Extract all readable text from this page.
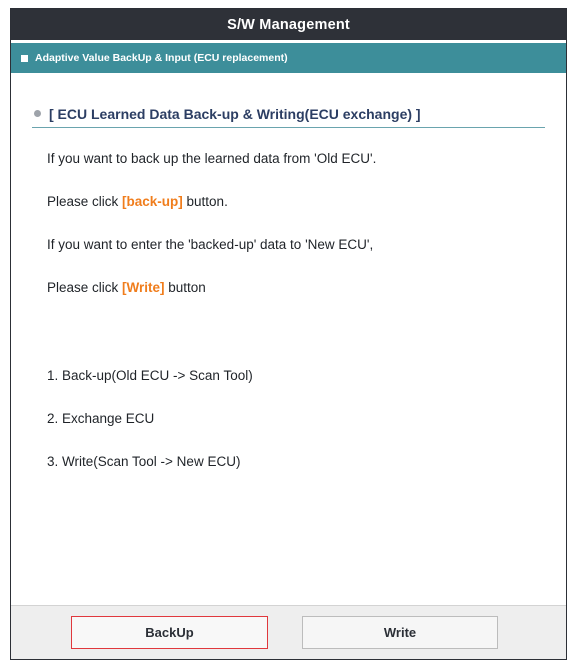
S/W Management
Adaptive Value BackUp & Input (ECU replacement)
[ ECU Learned Data Back-up & Writing(ECU exchange) ]
If you want to back up the learned data from 'Old ECU'.
Please click [back-up] button.
If you want to enter the 'backed-up' data to 'New ECU',
Please click [Write] button
1. Back-up(Old ECU -> Scan Tool)
2. Exchange ECU
3. Write(Scan Tool -> New ECU)
BackUp	Write
